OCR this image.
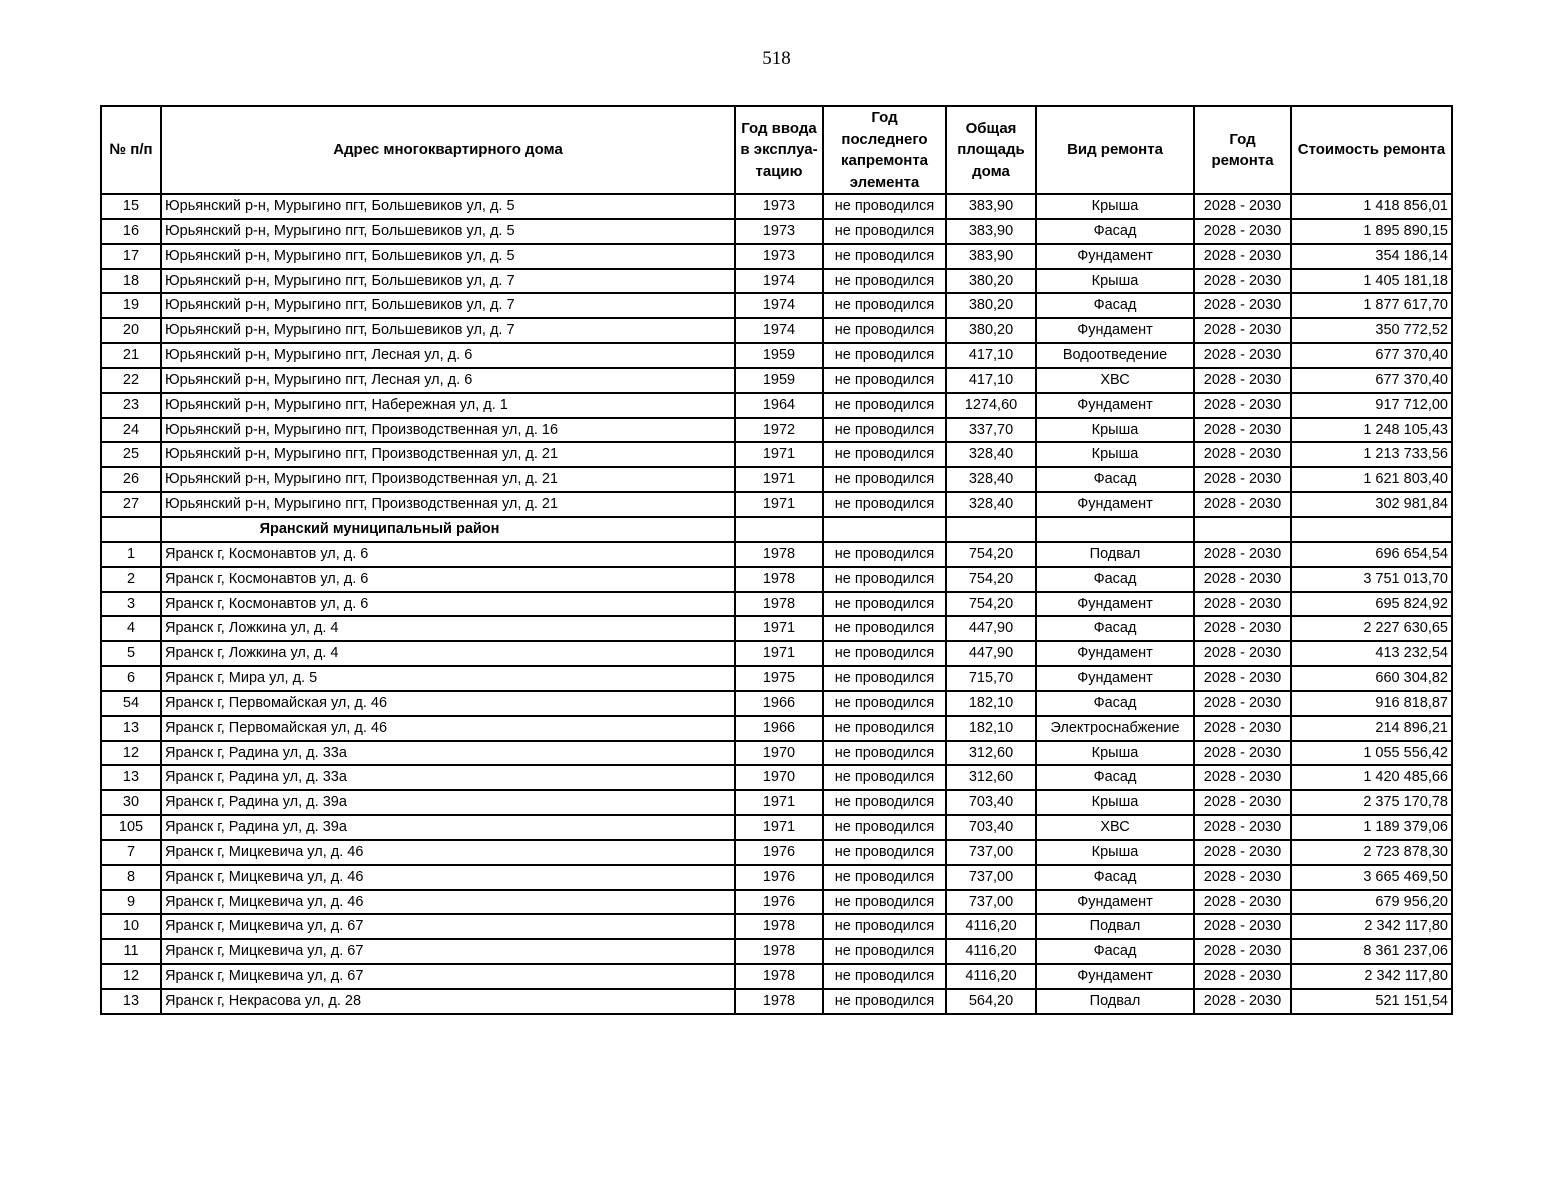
518
№ п/п	Адрес многоквартирного дома	Год ввода в эксплуа-тацию	Год последнего капремонта элемента	Общая площадь дома	Вид ремонта	Год ремонта	Стоимость ремонта
15	Юрьянский р-н, Мурыгино пгт, Большевиков ул, д. 5	1973	не проводился	383,90	Крыша	2028 - 2030	1 418 856,01
16	Юрьянский р-н, Мурыгино пгт, Большевиков ул, д. 5	1973	не проводился	383,90	Фасад	2028 - 2030	1 895 890,15
17	Юрьянский р-н, Мурыгино пгт, Большевиков ул, д. 5	1973	не проводился	383,90	Фундамент	2028 - 2030	354 186,14
18	Юрьянский р-н, Мурыгино пгт, Большевиков ул, д. 7	1974	не проводился	380,20	Крыша	2028 - 2030	1 405 181,18
19	Юрьянский р-н, Мурыгино пгт, Большевиков ул, д. 7	1974	не проводился	380,20	Фасад	2028 - 2030	1 877 617,70
20	Юрьянский р-н, Мурыгино пгт, Большевиков ул, д. 7	1974	не проводился	380,20	Фундамент	2028 - 2030	350 772,52
21	Юрьянский р-н, Мурыгино пгт, Лесная ул, д. 6	1959	не проводился	417,10	Водоотведение	2028 - 2030	677 370,40
22	Юрьянский р-н, Мурыгино пгт, Лесная ул, д. 6	1959	не проводился	417,10	ХВС	2028 - 2030	677 370,40
23	Юрьянский р-н, Мурыгино пгт, Набережная ул, д. 1	1964	не проводился	1274,60	Фундамент	2028 - 2030	917 712,00
24	Юрьянский р-н, Мурыгино пгт, Производственная ул, д. 16	1972	не проводился	337,70	Крыша	2028 - 2030	1 248 105,43
25	Юрьянский р-н, Мурыгино пгт, Производственная ул, д. 21	1971	не проводился	328,40	Крыша	2028 - 2030	1 213 733,56
26	Юрьянский р-н, Мурыгино пгт, Производственная ул, д. 21	1971	не проводился	328,40	Фасад	2028 - 2030	1 621 803,40
27	Юрьянский р-н, Мурыгино пгт, Производственная ул, д. 21	1971	не проводился	328,40	Фундамент	2028 - 2030	302 981,84
	Яранский муниципальный район						
1	Яранск г, Космонавтов ул, д. 6	1978	не проводился	754,20	Подвал	2028 - 2030	696 654,54
2	Яранск г, Космонавтов ул, д. 6	1978	не проводился	754,20	Фасад	2028 - 2030	3 751 013,70
3	Яранск г, Космонавтов ул, д. 6	1978	не проводился	754,20	Фундамент	2028 - 2030	695 824,92
4	Яранск г, Ложкина ул, д. 4	1971	не проводился	447,90	Фасад	2028 - 2030	2 227 630,65
5	Яранск г, Ложкина ул, д. 4	1971	не проводился	447,90	Фундамент	2028 - 2030	413 232,54
6	Яранск г, Мира ул, д. 5	1975	не проводился	715,70	Фундамент	2028 - 2030	660 304,82
54	Яранск г, Первомайская ул, д. 46	1966	не проводился	182,10	Фасад	2028 - 2030	916 818,87
13	Яранск г, Первомайская ул, д. 46	1966	не проводился	182,10	Электроснабжение	2028 - 2030	214 896,21
12	Яранск г, Радина ул, д. 33а	1970	не проводился	312,60	Крыша	2028 - 2030	1 055 556,42
13	Яранск г, Радина ул, д. 33а	1970	не проводился	312,60	Фасад	2028 - 2030	1 420 485,66
30	Яранск г, Радина ул, д. 39а	1971	не проводился	703,40	Крыша	2028 - 2030	2 375 170,78
105	Яранск г, Радина ул, д. 39а	1971	не проводился	703,40	ХВС	2028 - 2030	1 189 379,06
7	Яранск г, Мицкевича ул, д. 46	1976	не проводился	737,00	Крыша	2028 - 2030	2 723 878,30
8	Яранск г, Мицкевича ул, д. 46	1976	не проводился	737,00	Фасад	2028 - 2030	3 665 469,50
9	Яранск г, Мицкевича ул, д. 46	1976	не проводился	737,00	Фундамент	2028 - 2030	679 956,20
10	Яранск г, Мицкевича ул, д. 67	1978	не проводился	4116,20	Подвал	2028 - 2030	2 342 117,80
11	Яранск г, Мицкевича ул, д. 67	1978	не проводился	4116,20	Фасад	2028 - 2030	8 361 237,06
12	Яранск г, Мицкевича ул, д. 67	1978	не проводился	4116,20	Фундамент	2028 - 2030	2 342 117,80
13	Яранск г, Некрасова ул, д. 28	1978	не проводился	564,20	Подвал	2028 - 2030	521 151,54
